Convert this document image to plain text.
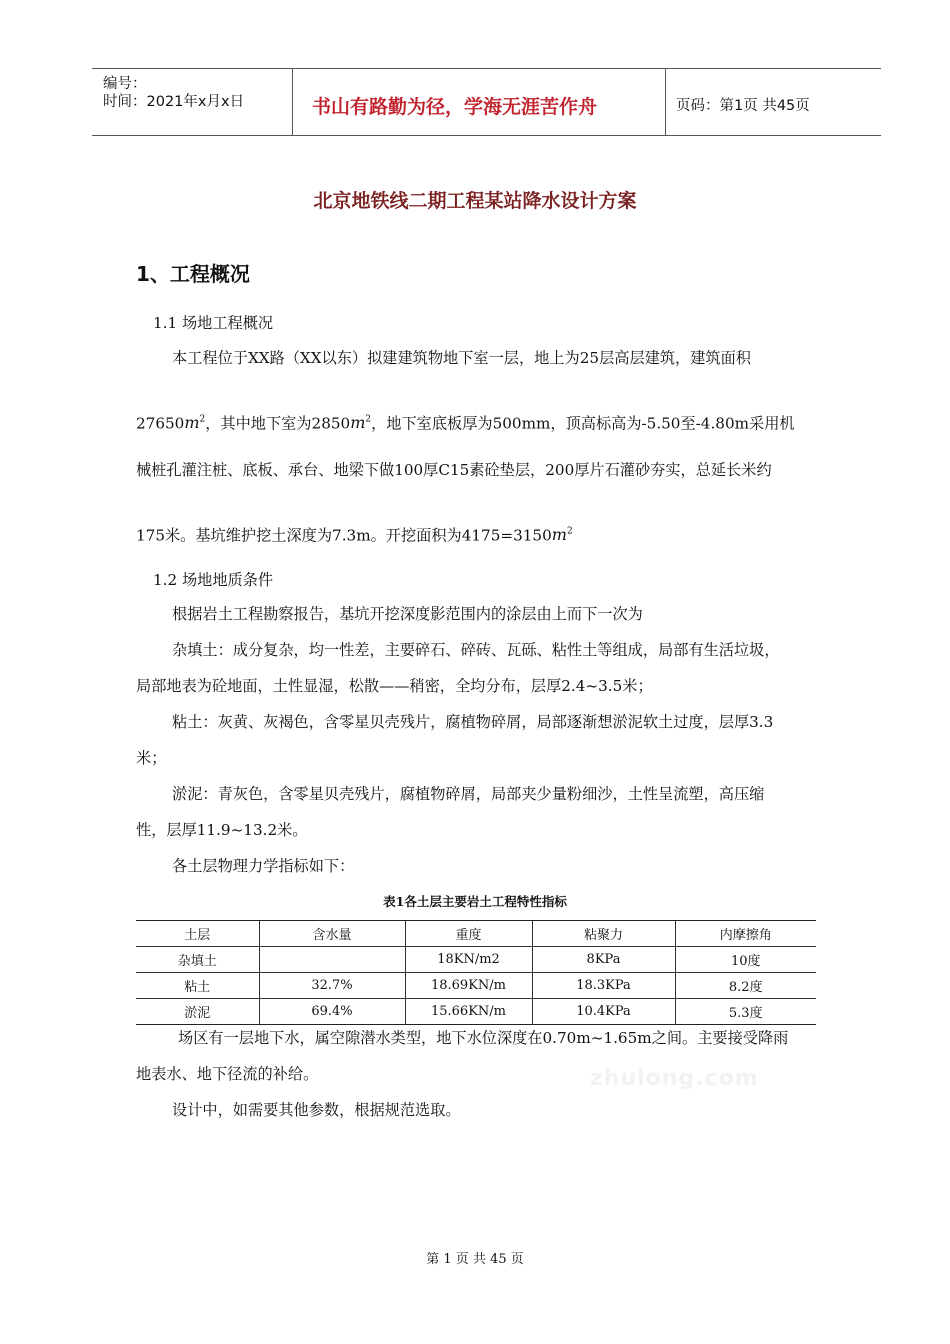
编号：
时间：2021年x月x日	书山有路勤为径，学海无涯苦作舟	页码：第1页 共45页
北京地铁线二期工程某站降水设计方案
1、工程概况
1.1 场地工程概况
本工程位于XX路（XX以东）拟建建筑物地下室一层，地上为25层高层建筑，建筑面积
$27650m^2$，其中地下室为$2850m^2$，地下室底板厚为500mm，顶高标高为-5.50至-4.80m采用机
械桩孔灌注桩、底板、承台、地梁下做100厚C15素砼垫层，200厚片石灌砂夯实，总延长米约
175米。基坑维护挖土深度为7.3m。开挖面积为$4175=3150m^2$
1.2 场地地质条件
根据岩土工程勘察报告，基坑开挖深度影范围内的涂层由上而下一次为
杂填土：成分复杂，均一性差，主要碎石、碎砖、瓦砾、粘性土等组成，局部有生活垃圾，
局部地表为砼地面，土性显湿，松散——稍密，全均分布，层厚2.4~3.5米；
粘土：灰黄、灰褐色，含零星贝壳残片，腐植物碎屑，局部逐渐想淤泥软土过度，层厚3.3
米；
淤泥：青灰色，含零星贝壳残片，腐植物碎屑，局部夹少量粉细沙，土性呈流塑，高压缩
性，层厚11.9~13.2米。
各土层物理力学指标如下：
表1各土层主要岩土工程特性指标
土层	含水量	重度	粘聚力	内摩擦角
杂填土		18KN/m2	8KPa	10度
粘土	32.7%	18.69KN/m	18.3KPa	8.2度
淤泥	69.4%	15.66KN/m	10.4KPa	5.3度
场区有一层地下水，属空隙潜水类型，地下水位深度在0.70m~1.65m之间。主要接受降雨
地表水、地下径流的补给。	zhulong.com
设计中，如需要其他参数，根据规范选取。
第 1 页 共 45 页
